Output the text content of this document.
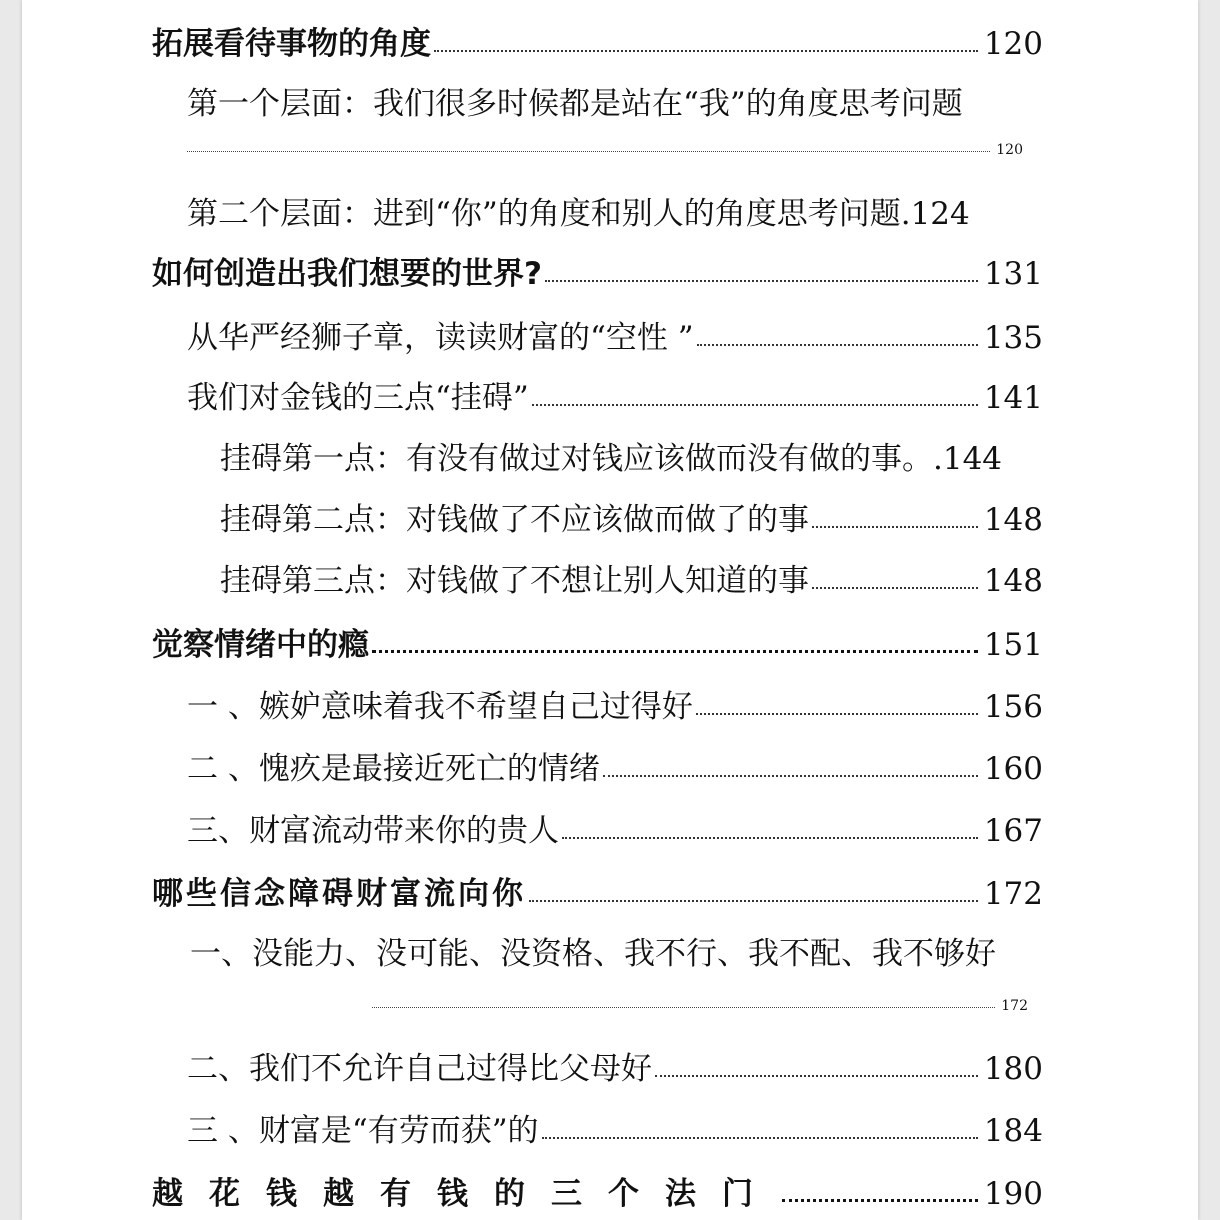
拓展看待事物的角度	120
第一个层面：我们很多时候都是站在“我”的角度思考问题
120
第二个层面：进到“你”的角度和别人的角度思考问题. 124
如何创造出我们想要的世界?	131
从华严经狮子章，读读财富的“空性 ”	135
我们对金钱的三点“挂碍”	141
挂碍第一点：有没有做过对钱应该做而没有做的事。. 144
挂碍第二点：对钱做了不应该做而做了的事	148
挂碍第三点：对钱做了不想让别人知道的事	148
觉察情绪中的瘾	151
一 、嫉妒意味着我不希望自己过得好	156
二 、愧疚是最接近死亡的情绪	160
三、财富流动带来你的贵人	167
哪些信念障碍财富流向你	172
一、没能力、没可能、没资格、我不行、我不配、我不够好
172
二、我们不允许自己过得比父母好	180
三 、财富是“有劳而获”的	184
越花钱越有钱的三个法门	190
